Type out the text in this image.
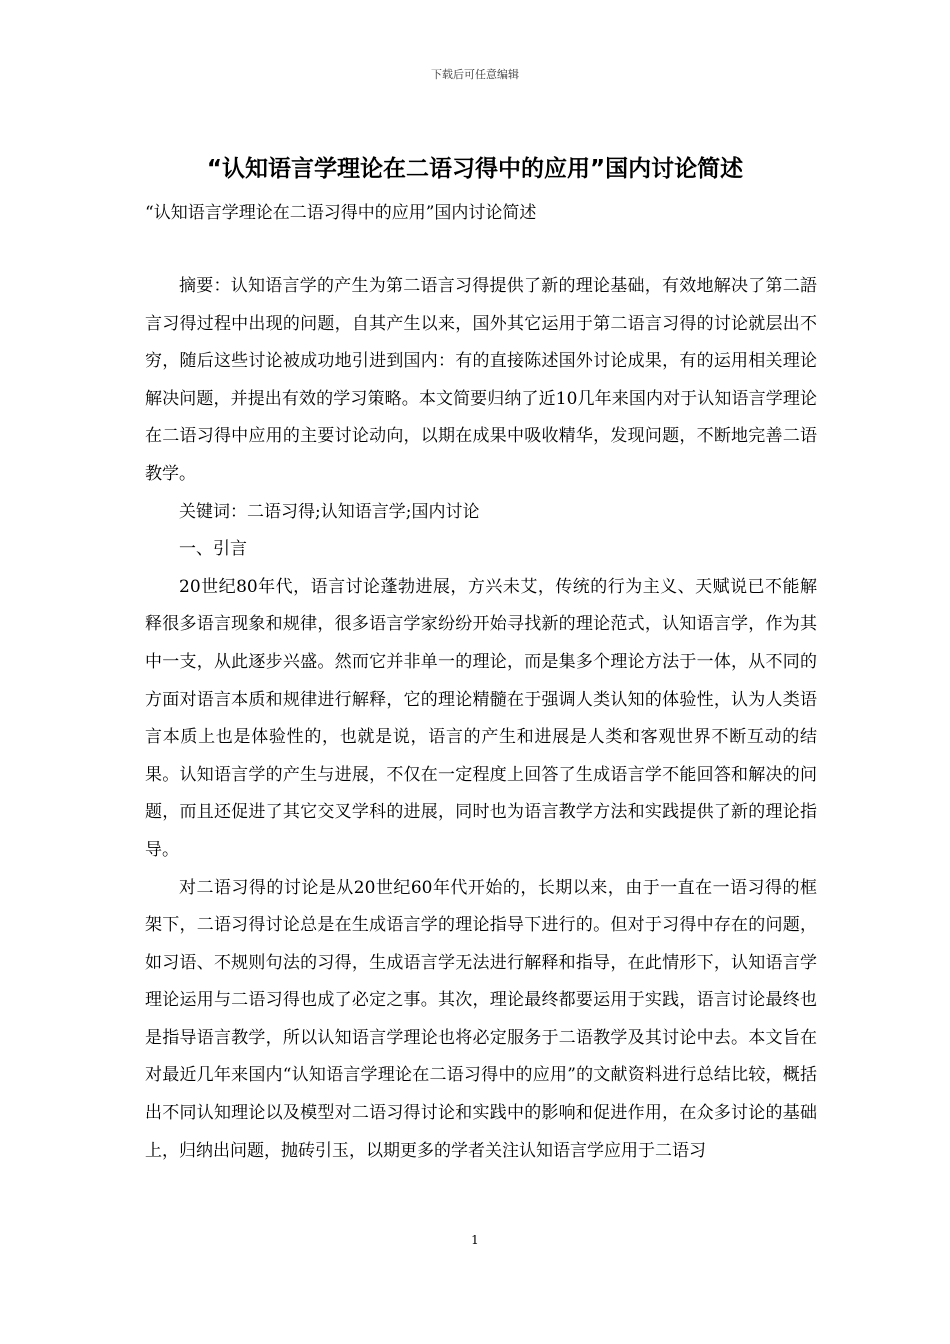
下载后可任意编辑
“认知语言学理论在二语习得中的应用”国内讨论简述
“认知语言学理论在二语习得中的应用”国内讨论简述

摘要：认知语言学的产生为第二语言习得提供了新的理论基础，有效地解决了第二語言习得过程中出现的问题，自其产生以来，国外其它运用于第二语言习得的讨论就层出不穷，随后这些讨论被成功地引进到国内：有的直接陈述国外讨论成果，有的运用相关理论解决问题，并提出有效的学习策略。本文简要归纳了近10几年来国内对于认知语言学理论在二语习得中应用的主要讨论动向，以期在成果中吸收精华，发现问题，不断地完善二语教学。

关键词：二语习得;认知语言学;国内讨论

一、引言

20世纪80年代，语言讨论蓬勃进展，方兴未艾，传统的行为主义、天赋说已不能解释很多语言现象和规律，很多语言学家纷纷开始寻找新的理论范式，认知语言学，作为其中一支，从此逐步兴盛。然而它并非单一的理论，而是集多个理论方法于一体，从不同的方面对语言本质和规律进行解释，它的理论精髓在于强调人类认知的体验性，认为人类语言本质上也是体验性的，也就是说，语言的产生和进展是人类和客观世界不断互动的结果。认知语言学的产生与进展，不仅在一定程度上回答了生成语言学不能回答和解决的问题，而且还促进了其它交叉学科的进展，同时也为语言教学方法和实践提供了新的理论指导。

对二语习得的讨论是从20世纪60年代开始的，长期以来，由于一直在一语习得的框架下，二语习得讨论总是在生成语言学的理论指导下进行的。但对于习得中存在的问题，如习语、不规则句法的习得，生成语言学无法进行解释和指导，在此情形下，认知语言学理论运用与二语习得也成了必定之事。其次，理论最终都要运用于实践，语言讨论最终也是指导语言教学，所以认知语言学理论也将必定服务于二语教学及其讨论中去。本文旨在对最近几年来国内“认知语言学理论在二语习得中的应用”的文献资料进行总结比较，概括出不同认知理论以及模型对二语习得讨论和实践中的影响和促进作用，在众多讨论的基础上，归纳出问题，抛砖引玉，以期更多的学者关注认知语言学应用于二语习

1
